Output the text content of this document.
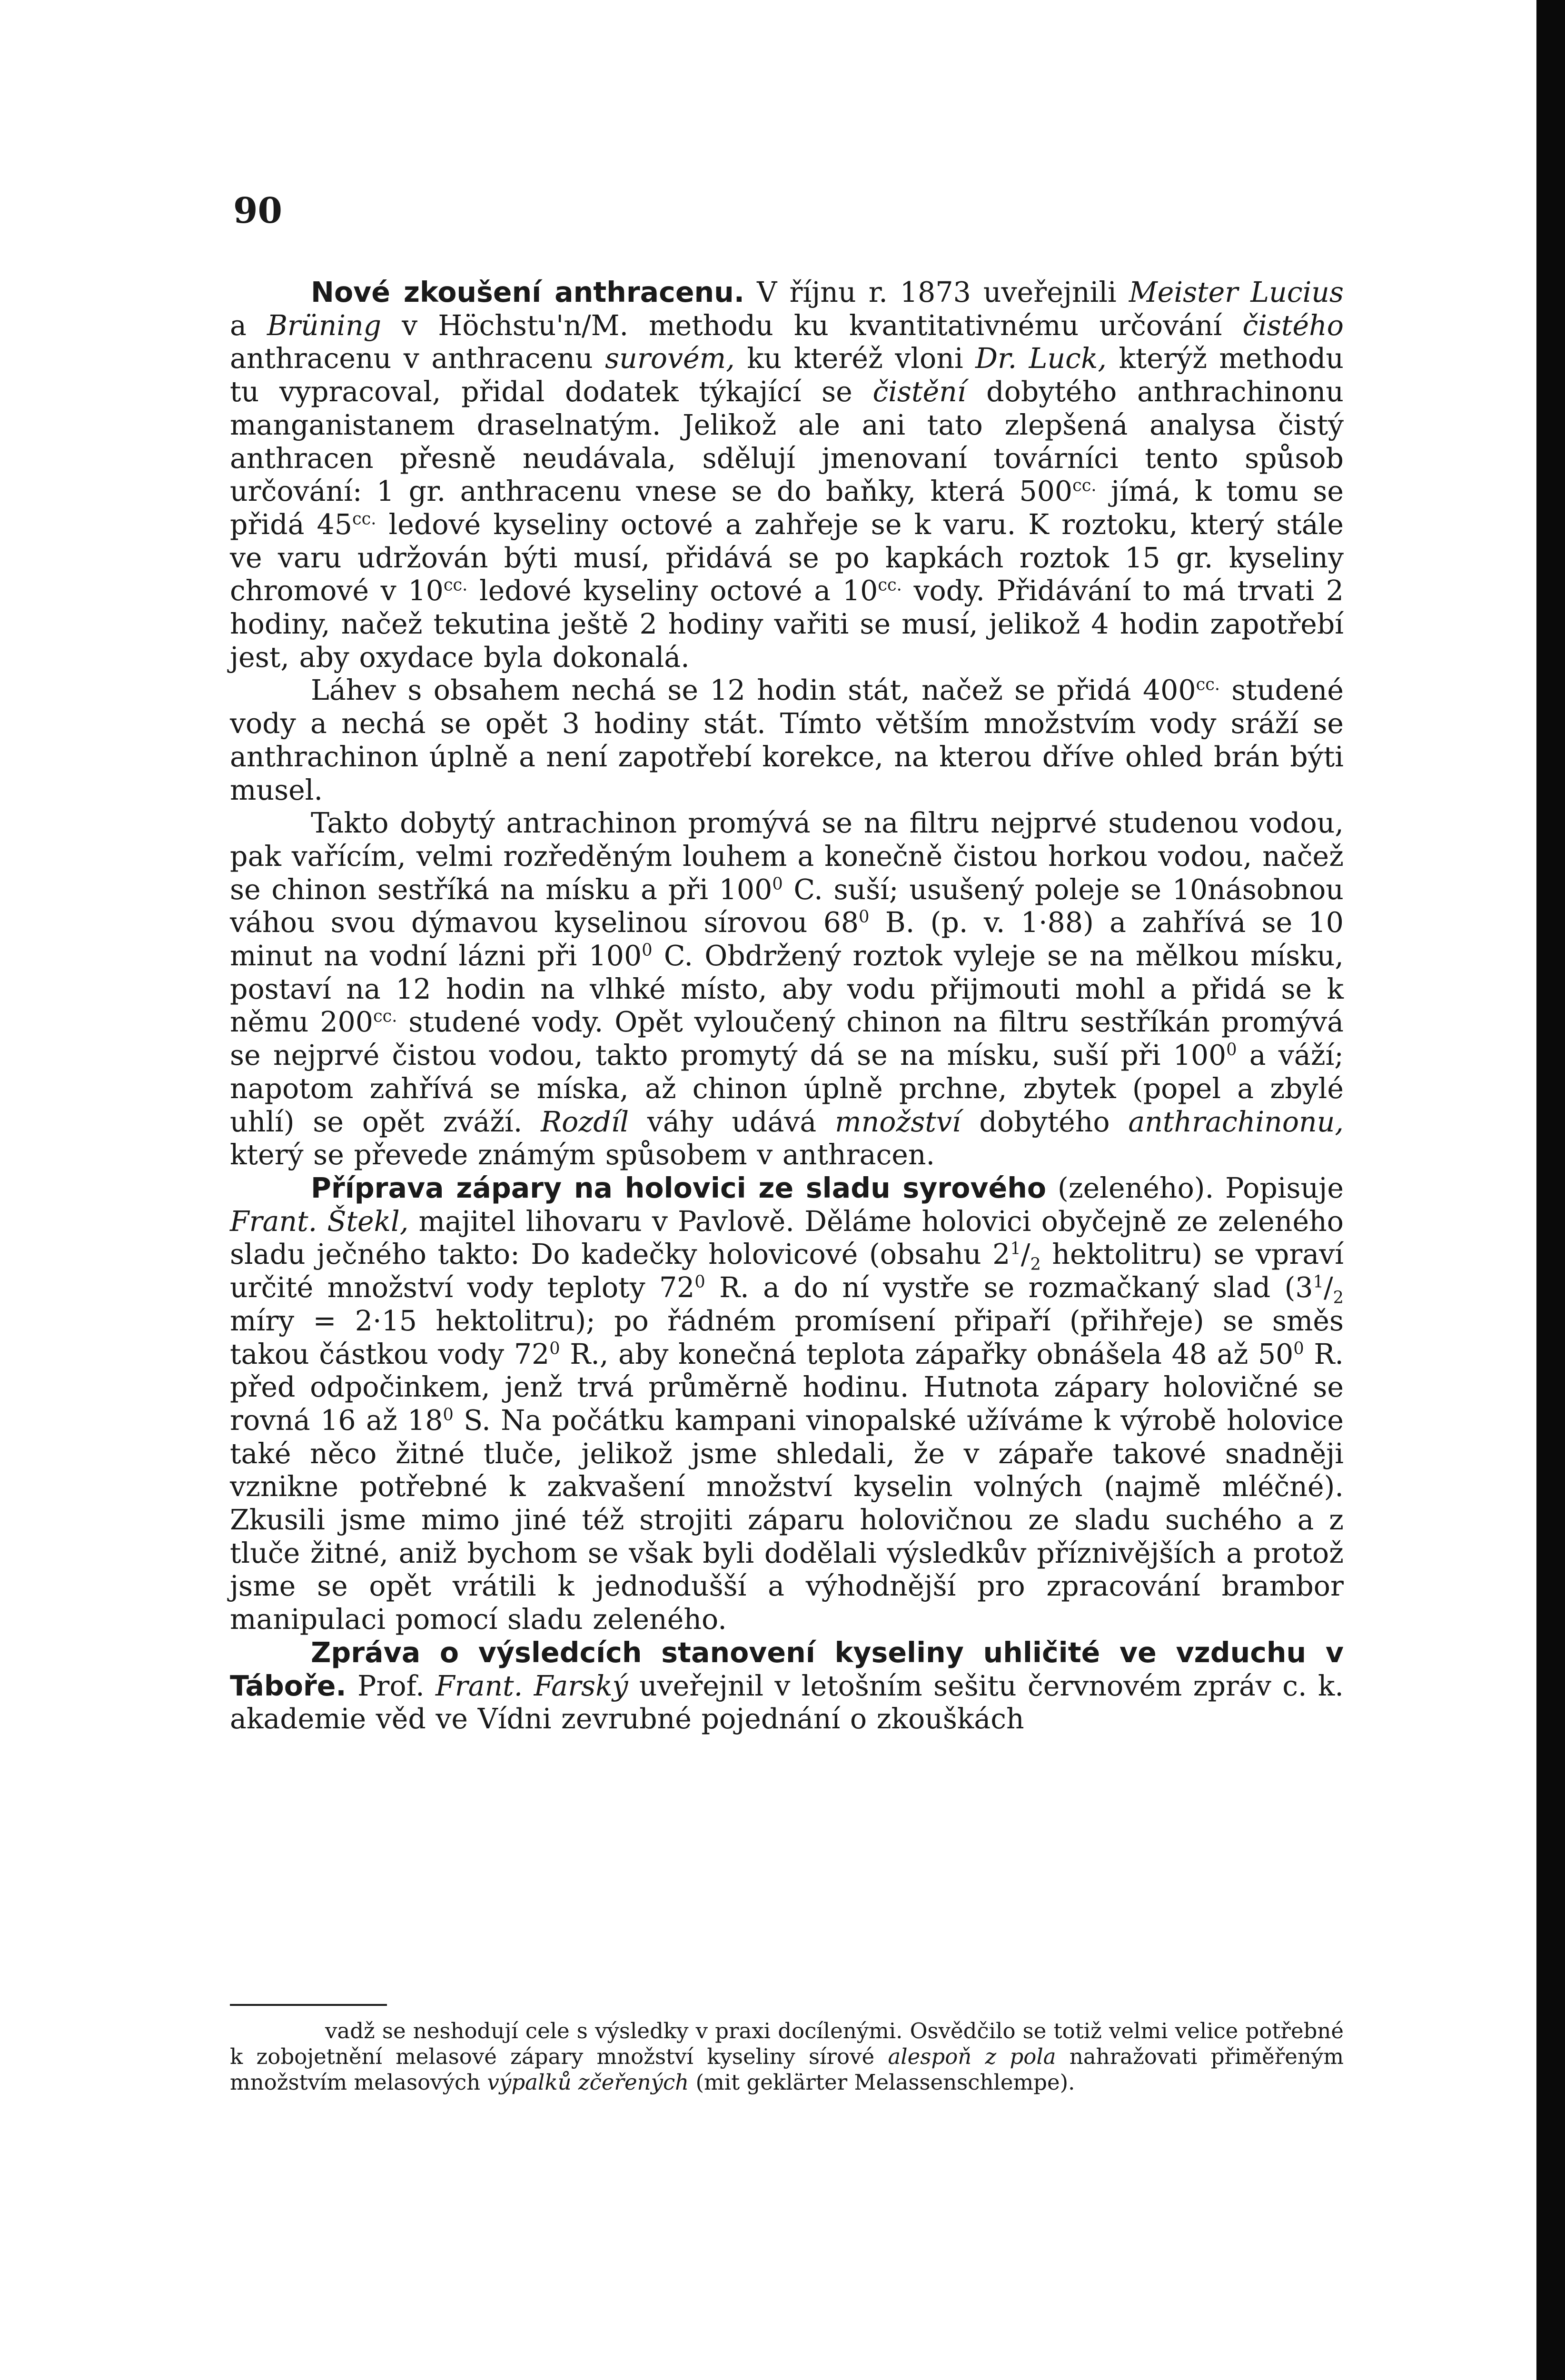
90

Nové zkoušení anthracenu. V říjnu r. 1873 uveřejnili Meister Lucius a Brüning v Höchstu'n/M. methodu ku kvantitativnému určování čistého anthracenu v anthracenu surovém, ku kteréž vloni Dr. Luck, kterýž methodu tu vypracoval, přidal dodatek týkající se čistění dobytého anthrachinonu manganistanem draselnatým. Jelikož ale ani tato zlepšená analysa čistý anthracen přesně neudávala, sdělují jmenovaní továrníci tento spůsob určování: 1 gr. anthracenu vnese se do baňky, která $500^{cc.}$ jímá, k tomu se přidá $45^{cc.}$ ledové kyseliny octové a zahřeje se k varu. K roztoku, který stále ve varu udržován býti musí, přidává se po kapkách roztok 15 gr. kyseliny chromové v $10^{cc.}$ ledové kyseliny octové a $10^{cc.}$ vody. Přidávání to má trvati 2 hodiny, načež tekutina ještě 2 hodiny vařiti se musí, jelikož 4 hodin zapotřebí jest, aby oxydace byla dokonalá.

Láhev s obsahem nechá se 12 hodin stát, načež se přidá $400^{cc.}$ studené vody a nechá se opět 3 hodiny stát. Tímto větším množstvím vody sráží se anthrachinon úplně a není zapotřebí korekce, na kterou dříve ohled brán býti musel.

Takto dobytý antrachinon promývá se na filtru nejprvé studenou vodou, pak vařícím, velmi rozředěným louhem a konečně čistou horkou vodou, načež se chinon sestříká na mísku a při $100^0$ C. suší; usušený poleje se 10násobnou váhou svou dýmavou kyselinou sírovou $68^0$ B. (p. v. 1·88) a zahřívá se 10 minut na vodní lázni při $100^0$ C. Obdržený roztok vyleje se na mělkou mísku, postaví na 12 hodin na vlhké místo, aby vodu přijmouti mohl a přidá se k němu $200^{cc.}$ studené vody. Opět vyloučený chinon na filtru sestříkán promývá se nejprvé čistou vodou, takto promytý dá se na mísku, suší při $100^0$ a váží; napotom zahřívá se míska, až chinon úplně prchne, zbytek (popel a zbylé uhlí) se opět zváží. Rozdíl váhy udává množství dobytého anthrachinonu, který se převede známým spůsobem v anthracen.

Příprava zápary na holovici ze sladu syrového (zeleného). Popisuje Frant. Štekl, majitel lihovaru v Pavlově. Děláme holovici obyčejně ze zeleného sladu ječného takto: Do kadečky holovicové (obsahu $2^1/_2$ hektolitru) se vpraví určité množství vody teploty $72^0$ R. a do ní vystře se rozmačkaný slad ($3^1/_2$ míry = 2·15 hektolitru); po řádném promísení připaří (přihřeje) se směs takou částkou vody $72^0$ R., aby konečná teplota zápařky obnášela 48 až $50^0$ R. před odpočinkem, jenž trvá průměrně hodinu. Hutnota zápary holovičné se rovná 16 až $18^0$ S. Na počátku kampani vinopalské užíváme k výrobě holovice také něco žitné tluče, jelikož jsme shledali, že v zápaře takové snadněji vznikne potřebné k zakvašení množství kyselin volných (najmě mléčné). Zkusili jsme mimo jiné též strojiti záparu holovičnou ze sladu suchého a z tluče žitné, aniž bychom se však byli dodělali výsledkův příznivějších a protož jsme se opět vrátili k jednodušší a výhodnější pro zpracování brambor manipulaci pomocí sladu zeleného.

Zpráva o výsledcích stanovení kyseliny uhličité ve vzduchu v Táboře. Prof. Frant. Farský uveřejnil v letošním sešitu červnovém zpráv c. k. akademie věd ve Vídni zevrubné pojednání o zkouškách

vadž se neshodují cele s výsledky v praxi docílenými. Osvědčilo se totiž velmi velice potřebné k zobojetnění melasové zápary množství kyseliny sírové alespoň z pola nahražovati přiměřeným množstvím melasových výpalků zčeřených (mit geklärter Melassenschlempe).
